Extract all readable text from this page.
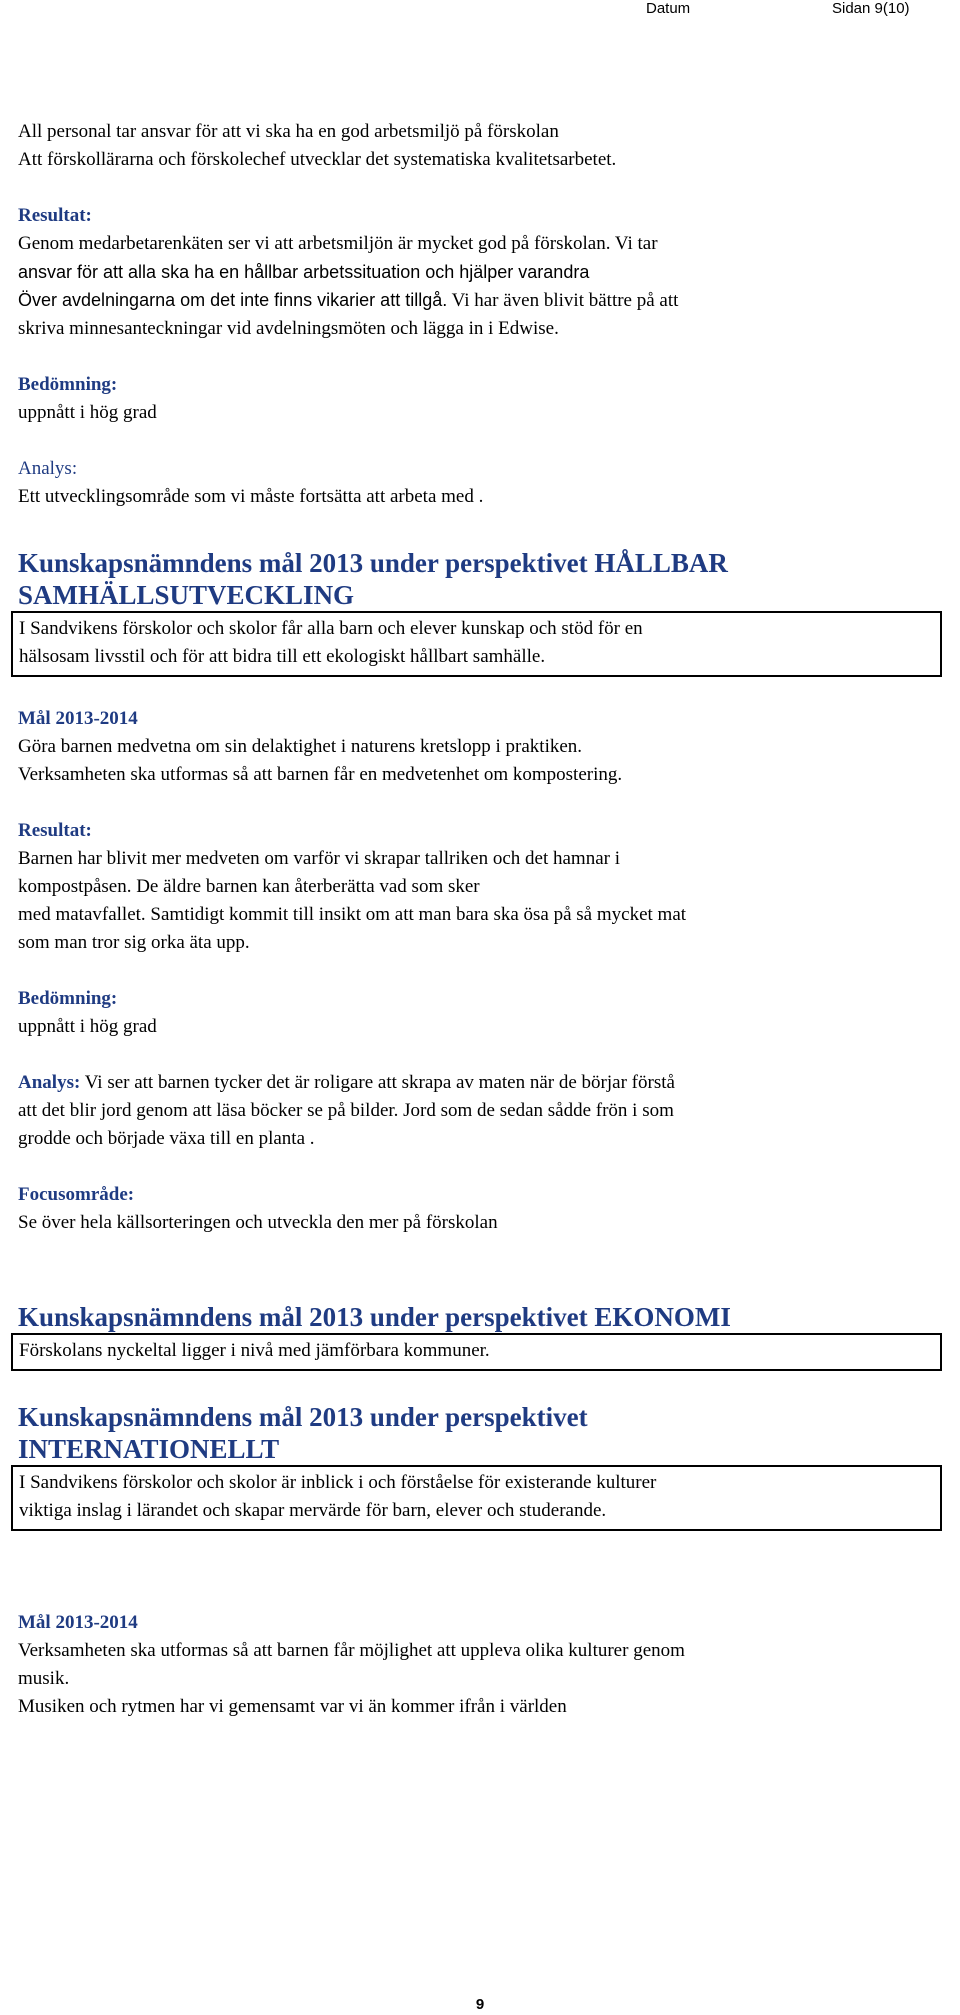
Datum	Sidan 9(10)

All personal tar ansvar för att vi ska ha en god arbetsmiljö på förskolan

Att förskollärarna och förskolechef utvecklar det systematiska kvalitetsarbetet.

Resultat:

Genom medarbetarenkäten ser vi att arbetsmiljön är mycket god på förskolan. Vi tar

ansvar för att alla ska ha en hållbar arbetssituation och hjälper varandra

Över avdelningarna om det inte finns vikarier att tillgå. Vi har även blivit bättre på att

skriva minnesanteckningar vid avdelningsmöten och lägga in i Edwise.

Bedömning:

uppnått i hög grad

Analys:

Ett utvecklingsområde som vi måste fortsätta att arbeta med .

Kunskapsnämndens mål 2013 under perspektivet HÅLLBAR
SAMHÄLLSUTVECKLING

I Sandvikens förskolor och skolor får alla barn och elever kunskap och stöd för en

hälsosam livsstil och för att bidra till ett ekologiskt hållbart samhälle.

Mål 2013-2014

Göra barnen medvetna om sin delaktighet i naturens kretslopp i praktiken.

Verksamheten ska utformas så att barnen får en medvetenhet om kompostering.

Resultat:

Barnen har blivit mer medveten om varför vi skrapar tallriken och det hamnar i

kompostpåsen. De äldre barnen kan återberätta vad som sker

med matavfallet. Samtidigt kommit till insikt om att man bara ska ösa på så mycket mat

som man tror sig orka äta upp.

Bedömning:

uppnått i hög grad

Analys: Vi ser att barnen tycker det är roligare att skrapa av maten när de börjar förstå

att det blir jord genom att läsa böcker se på bilder. Jord som de sedan sådde frön i som

grodde och började växa till en planta .

Focusområde:

Se över hela källsorteringen och utveckla den mer på förskolan

Kunskapsnämndens mål 2013 under perspektivet EKONOMI

Förskolans nyckeltal ligger i nivå med jämförbara kommuner.

Kunskapsnämndens mål 2013 under perspektivet
INTERNATIONELLT

I Sandvikens förskolor och skolor är inblick i och förståelse för existerande kulturer

viktiga inslag i lärandet och skapar mervärde för barn, elever och studerande.

Mål 2013-2014

Verksamheten ska utformas så att barnen får möjlighet att uppleva olika kulturer genom

musik.

Musiken och rytmen har vi gemensamt var vi än kommer ifrån i världen

9
